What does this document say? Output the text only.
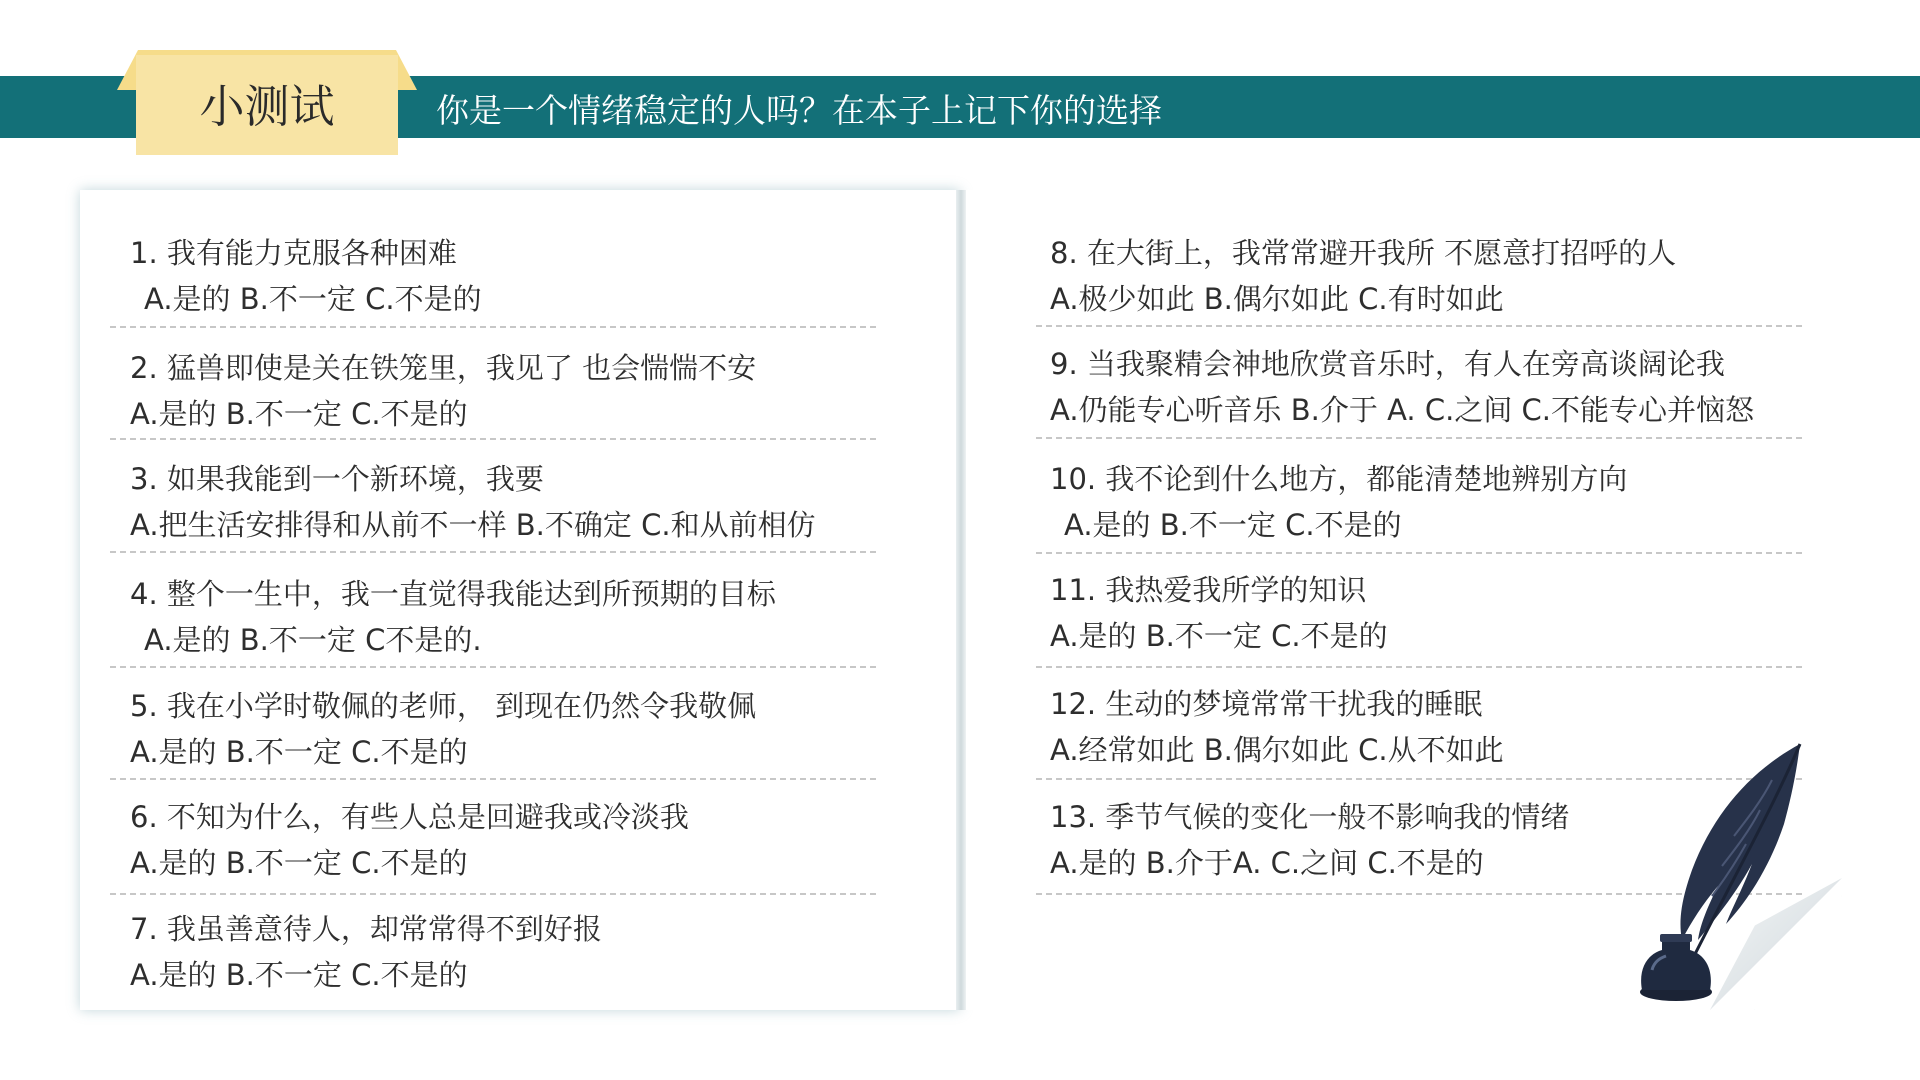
小测试	你是一个情绪稳定的人吗？在本子上记下你的选择
1. 我有能力克服各种困难
A.是的 B.不一定 C.不是的
2. 猛兽即使是关在铁笼里，我见了 也会惴惴不安
A.是的 B.不一定 C.不是的
3. 如果我能到一个新环境，我要
A.把生活安排得和从前不一样 B.不确定 C.和从前相仿
4. 整个一生中，我一直觉得我能达到所预期的目标
A.是的 B.不一定 C不是的.
5. 我在小学时敬佩的老师， 到现在仍然令我敬佩
A.是的 B.不一定 C.不是的
6. 不知为什么，有些人总是回避我或冷淡我
A.是的 B.不一定 C.不是的
7. 我虽善意待人，却常常得不到好报
A.是的 B.不一定 C.不是的
8. 在大街上，我常常避开我所 不愿意打招呼的人
A.极少如此 B.偶尔如此 C.有时如此
9. 当我聚精会神地欣赏音乐时，有人在旁高谈阔论我
A.仍能专心听音乐 B.介于 A. C.之间 C.不能专心并恼怒
10. 我不论到什么地方，都能清楚地辨别方向
A.是的 B.不一定 C.不是的
11. 我热爱我所学的知识
A.是的 B.不一定 C.不是的
12. 生动的梦境常常干扰我的睡眠
A.经常如此 B.偶尔如此 C.从不如此
13. 季节气候的变化一般不影响我的情绪
A.是的 B.介于A. C.之间 C.不是的
